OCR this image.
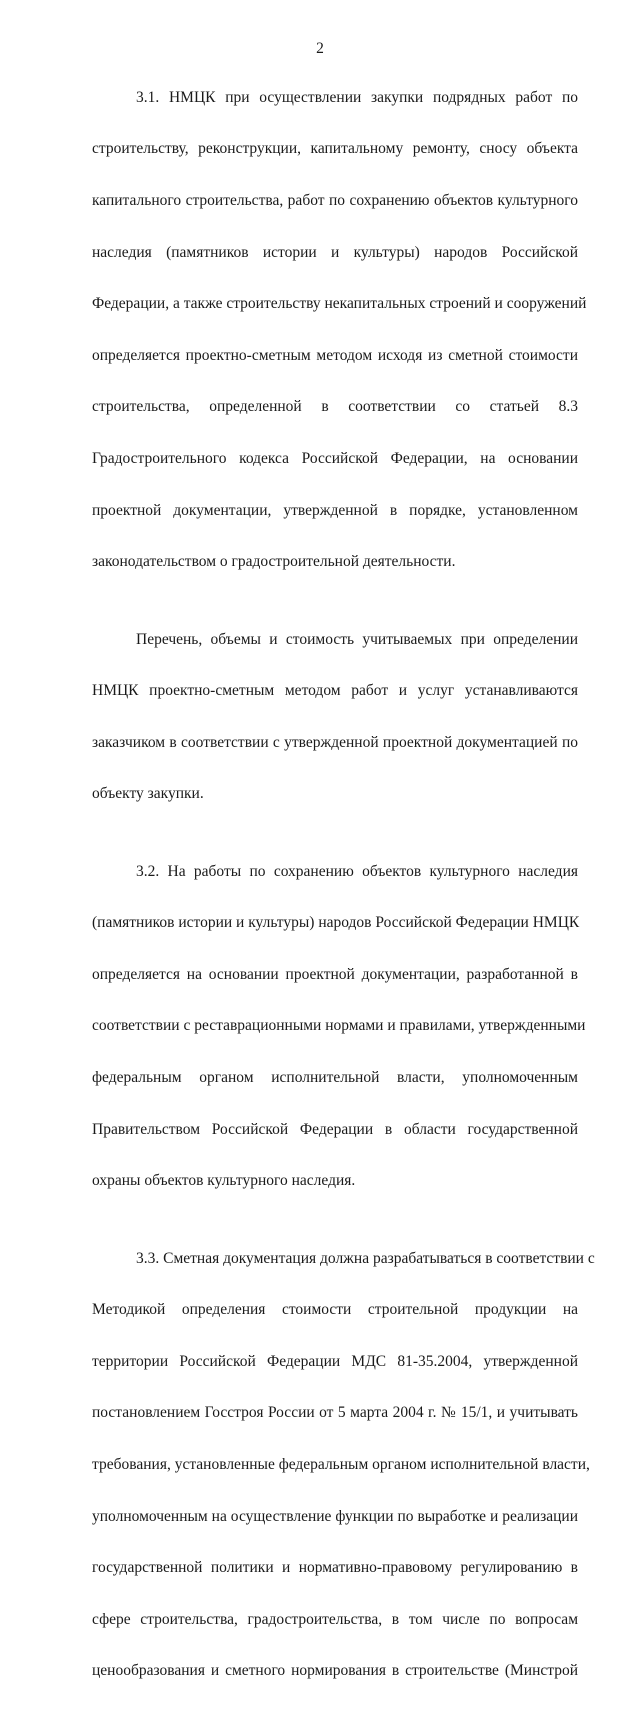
2

3.1. НМЦК при осуществлении закупки подрядных работ по

строительству, реконструкции, капитальному ремонту, сносу объекта

капитального строительства, работ по сохранению объектов культурного

наследия (памятников истории и культуры) народов Российской

Федерации, а также строительству некапитальных строений и сооружений

определяется проектно-сметным методом исходя из сметной стоимости

строительства, определенной в соответствии со статьей 8.3

Градостроительного кодекса Российской Федерации, на основании

проектной документации, утвержденной в порядке, установленном

законодательством о градостроительной деятельности.

Перечень, объемы и стоимость учитываемых при определении

НМЦК проектно-сметным методом работ и услуг устанавливаются

заказчиком в соответствии с утвержденной проектной документацией по

объекту закупки.

3.2. На работы по сохранению объектов культурного наследия

(памятников истории и культуры) народов Российской Федерации НМЦК

определяется на основании проектной документации, разработанной в

соответствии с реставрационными нормами и правилами, утвержденными

федеральным органом исполнительной власти, уполномоченным

Правительством Российской Федерации в области государственной

охраны объектов культурного наследия.

3.3. Сметная документация должна разрабатываться в соответствии с

Методикой определения стоимости строительной продукции на

территории Российской Федерации МДС 81-35.2004, утвержденной

постановлением Госстроя России от 5 марта 2004 г. № 15/1, и учитывать

требования, установленные федеральным органом исполнительной власти,

уполномоченным на осуществление функции по выработке и реализации

государственной политики и нормативно-правовому регулированию в

сфере строительства, градостроительства, в том числе по вопросам

ценообразования и сметного нормирования в строительстве (Минстрой
